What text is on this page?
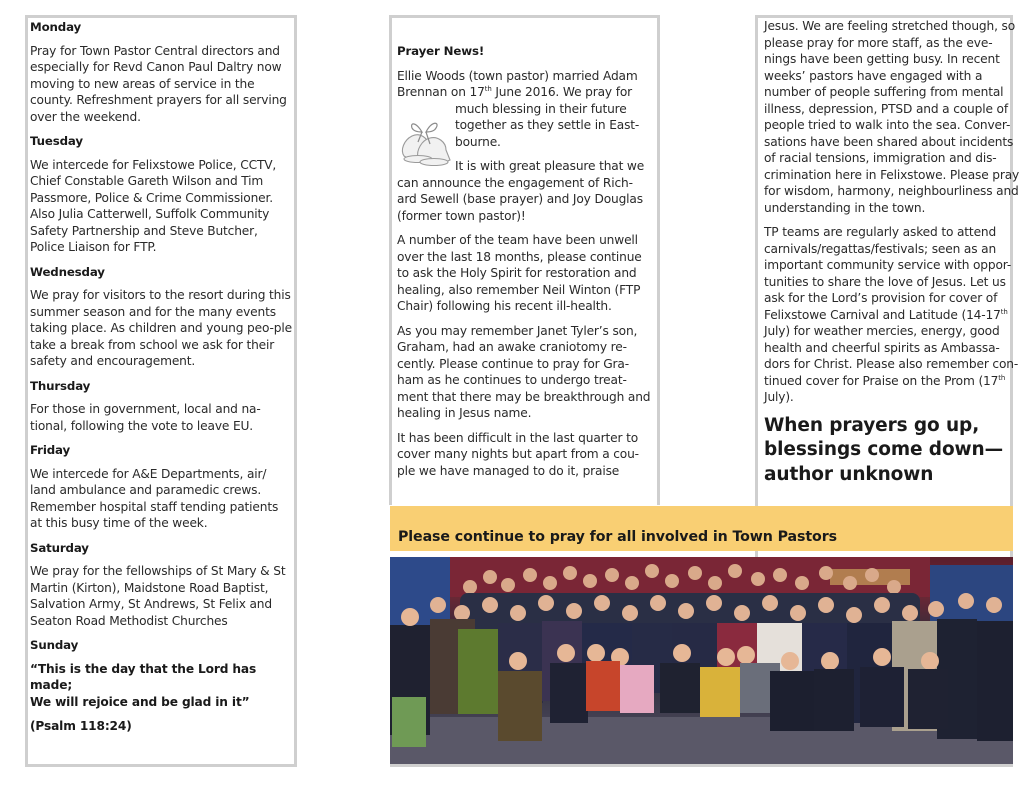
Monday
Pray for Town Pastor Central directors and especially for Revd Canon Paul Daltry now moving to new areas of service in the county. Refreshment prayers for all serving over the weekend.
Tuesday
We intercede for Felixstowe Police, CCTV, Chief Constable Gareth Wilson and Tim Passmore, Police & Crime Commissioner. Also Julia Catterwell, Suffolk Community Safety Partnership and Steve Butcher, Police Liaison for FTP.
Wednesday
We pray for visitors to the resort during this summer season and for the many events taking place. As children and young peo-ple take a break from school we ask for their safety and encouragement.
Thursday
For those in government, local and na-tional, following the vote to leave EU.
Friday
We intercede for A&E Departments, air/ land ambulance and paramedic crews. Remember hospital staff tending patients at this busy time of the week.
Saturday
We pray for the fellowships of St Mary & St Martin (Kirton), Maidstone Road Baptist, Salvation Army, St Andrews, St Felix and Seaton Road Methodist Churches
Sunday
“This is the day that the Lord has made;
We will rejoice and be glad in it”
(Psalm 118:24)
Prayer News!
Ellie Woods (town pastor) married Adam Brennan on 17th June 2016. We pray for
much blessing in their future together as they settle in East-bourne.
It is with great pleasure that we
can announce the engagement of Rich-ard Sewell (base prayer) and Joy Douglas (former town pastor)!
A number of the team have been unwell over the last 18 months, please continue to ask the Holy Spirit for restoration and healing, also remember Neil Winton (FTP Chair) following his recent ill-health.
As you may remember Janet Tyler’s son, Graham, had an awake craniotomy re-cently. Please continue to pray for Gra-ham as he continues to undergo treat-ment that there may be breakthrough and healing in Jesus name.
It has been difficult in the last quarter to cover many nights but apart from a cou-ple we have managed to do it, praise
Jesus. We are feeling stretched though, so please pray for more staff, as the eve-nings have been getting busy. In recent weeks’ pastors have engaged with a number of people suffering from mental illness, depression, PTSD and a couple of people tried to walk into the sea. Conver-sations have been shared about incidents of racial tensions, immigration and dis-crimination here in Felixstowe. Please pray for wisdom, harmony, neighbourliness and understanding in the town.
TP teams are regularly asked to attend carnivals/regattas/festivals; seen as an important community service with oppor-tunities to share the love of Jesus. Let us ask for the Lord’s provision for cover of Felixstowe Carnival and Latitude (14-17th July) for weather mercies, energy, good health and cheerful spirits as Ambassa-dors for Christ. Please also remember con-tinued cover for Praise on the Prom (17th July).
When prayers go up,
blessings come down—
author unknown
Please continue to pray for all involved in Town Pastors
